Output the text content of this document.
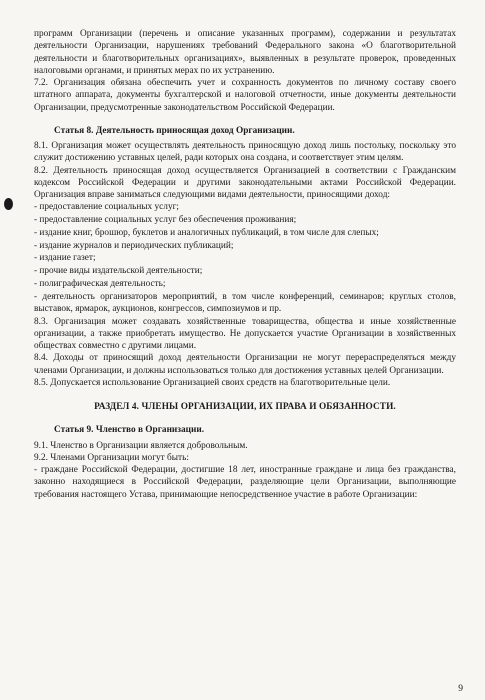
программ Организации (перечень и описание указанных программ), содержании и результатах деятельности Организации, нарушениях требований Федерального закона «О благотворительной деятельности и благотворительных организациях», выявленных в результате проверок, проведенных налоговыми органами, и принятых мерах по их устранению.

7.2. Организация обязана обеспечить учет и сохранность документов по личному составу своего штатного аппарата, документы бухгалтерской и налоговой отчетности, иные документы деятельности Организации, предусмотренные законодательством Российской Федерации.

Статья 8. Деятельность приносящая доход Организации.

8.1. Организация может осуществлять деятельность приносящую доход лишь постольку, поскольку это служит достижению уставных целей, ради которых она создана, и соответствует этим целям.

8.2. Деятельность приносящая доход осуществляется Организацией в соответствии с Гражданским кодексом Российской Федерации и другими законодательными актами Российской Федерации. Организация вправе заниматься следующими видами деятельности, приносящими доход:

- предоставление социальных услуг;

- предоставление социальных услуг без обеспечения проживания;

- издание книг, брошюр, буклетов и аналогичных публикаций, в том числе для слепых;

- издание журналов и периодических публикаций;

- издание газет;

- прочие виды издательской деятельности;

- полиграфическая деятельность;

- деятельность организаторов мероприятий, в том числе конференций, семинаров; круглых столов, выставок, ярмарок, аукционов, конгрессов, симпозиумов и пр.

8.3. Организация может создавать хозяйственные товарищества, общества и иные хозяйственные организации, а также приобретать имущество. Не допускается участие Организации в хозяйственных обществах совместно с другими лицами.

8.4. Доходы от приносящий доход деятельности Организации не могут перераспределяться между членами Организации, и должны использоваться только для достижения уставных целей Организации.

8.5. Допускается использование Организацией своих средств на благотворительные цели.

РАЗДЕЛ 4. ЧЛЕНЫ ОРГАНИЗАЦИИ, ИХ ПРАВА И ОБЯЗАННОСТИ.
Статья 9. Членство в Организации.

9.1. Членство в Организации является добровольным.

9.2. Членами Организации могут быть:

- граждане Российской Федерации, достигшие 18 лет, иностранные граждане и лица без гражданства, законно находящиеся в Российской Федерации, разделяющие цели Организации, выполняющие требования настоящего Устава, принимающие непосредственное участие в работе Организации:

9
